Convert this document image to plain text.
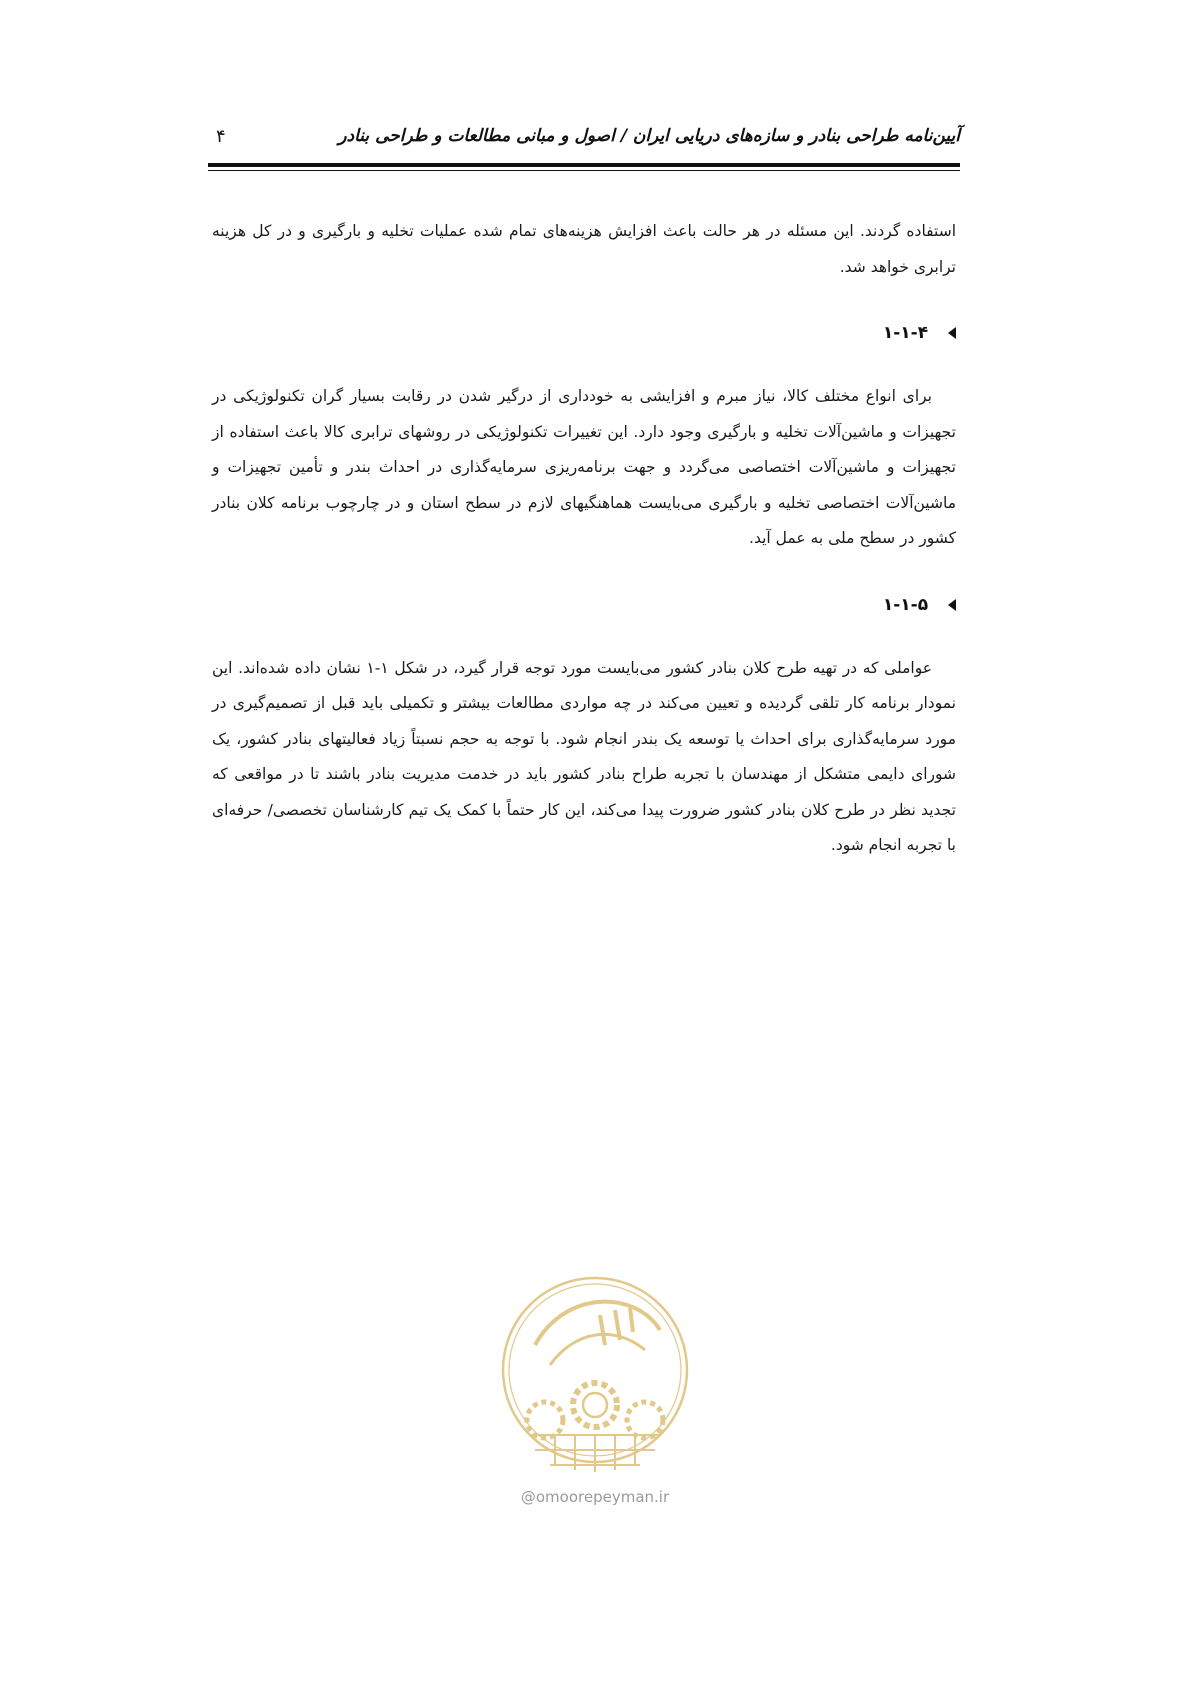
آیین‌نامه طراحی بنادر و سازه‌های دریایی ایران / اصول و مبانی مطالعات و طراحی بنادر
۴

استفاده گردند. این مسئله در هر حالت باعث افزایش هزینه‌های تمام شده عملیات تخلیه و بارگیری و در کل هزینه ترابری خواهد شد.

۱-۱-۴

برای انواع مختلف کالا، نیاز مبرم و افزایشی به خودداری از درگیر شدن در رقابت بسیار گران تکنولوژیکی در تجهیزات و ماشین‌آلات تخلیه و بارگیری وجود دارد. این تغییرات تکنولوژیکی در روشهای ترابری کالا باعث استفاده از تجهیزات و ماشین‌آلات اختصاصی می‌گردد و جهت برنامه‌ریزی سرمایه‌گذاری در احداث بندر و تأمین تجهیزات و ماشین‌آلات اختصاصی تخلیه و بارگیری می‌بایست هماهنگیهای لازم در سطح استان و در چارچوب برنامه کلان بنادر کشور در سطح ملی به عمل آید.

۱-۱-۵

عواملی که در تهیه طرح کلان بنادر کشور می‌بایست مورد توجه قرار گیرد، در شکل ۱-۱ نشان داده شده‌اند. این نمودار برنامه کار تلقی گردیده و تعیین می‌کند در چه مواردی مطالعات بیشتر و تکمیلی باید قبل از تصمیم‌گیری در مورد سرمایه‌گذاری برای احداث یا توسعه یک بندر انجام شود. با توجه به حجم نسبتاً زیاد فعالیتهای بنادر کشور، یک شورای دایمی متشکل از مهندسان با تجربه طراح بنادر کشور باید در خدمت مدیریت بنادر باشند تا در مواقعی که تجدید نظر در طرح کلان بنادر کشور ضرورت پیدا می‌کند، این کار حتماً با کمک یک تیم کارشناسان تخصصی/ حرفه‌ای با تجربه انجام شود.

@omoorepeyman.ir
